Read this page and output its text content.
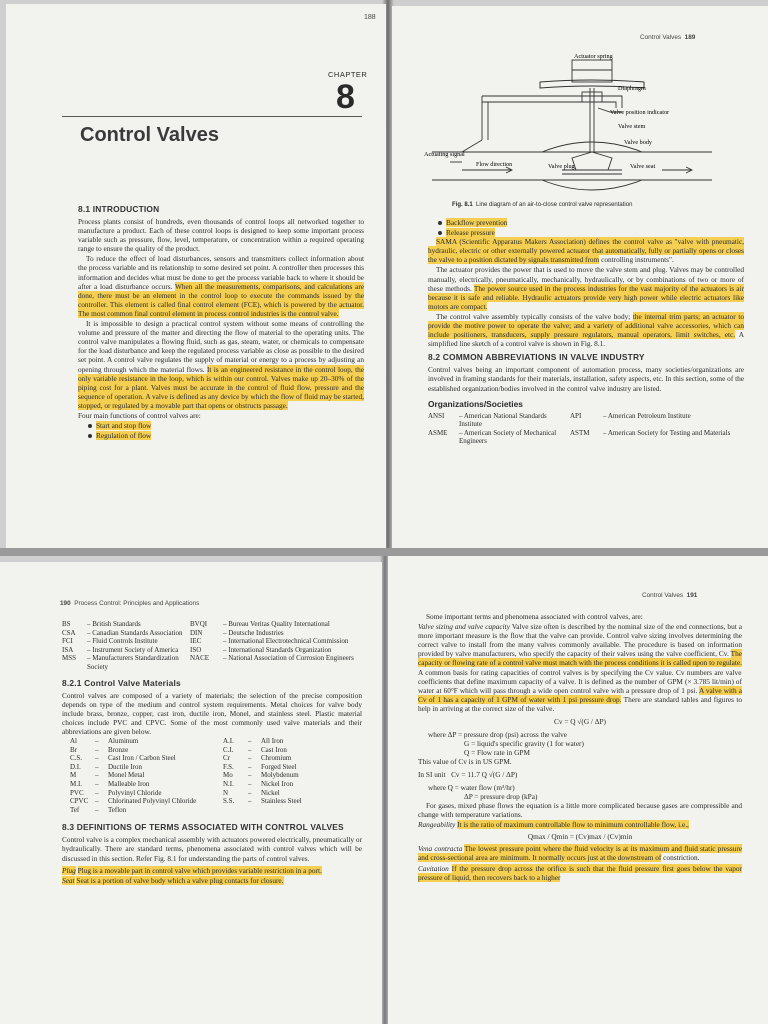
188
CHAPTER
8
Control Valves
8.1 INTRODUCTION

Process plants consist of hundreds, even thousands of control loops all networked together to manufacture a product. Each of these control loops is designed to keep some important process variable such as pressure, flow, level, temperature, or concentration within a required operating range to ensure the quality of the product.

To reduce the effect of load disturbances, sensors and transmitters collect information about the process variable and its relationship to some desired set point. A controller then processes this information and decides what must be done to get the process variable back to where it should be after a load disturbance occurs. When all the measurements, comparisons, and calculations are done, there must be an element in the control loop to execute the commands issued by the controller. This element is called final control element (FCE), which is powered by the actuator. The most common final control element in process control industries is the control valve.

It is impossible to design a practical control system without some means of controlling the volume and pressure of the matter and directing the flow of material to the operating units. The control valve manipulates a flowing fluid, such as gas, steam, water, or chemicals to compensate for the load disturbance and keep the regulated process variable as close as possible to the desired set point. A control valve regulates the supply of material or energy to a process by adjusting an opening through which the material flows. It is an engineered resistance in the control loop, the only variable resistance in the loop, which is within our control. Valves make up 20–30% of the piping cost for a plant. Valves must be accurate in the control of fluid flow, pressure and the sequence of operation. A valve is defined as any device by which the flow of fluid may be started, stopped, or regulated by a movable part that opens or obstructs passage.

Four main functions of control valves are:

Start and stop flow
Regulation of flow
Control Valves 189
Actuator spring
Diaphragm
Valve position indicator
Valve stem
Valve body
Actuating signal
Flow direction	Valve plug	Valve seat
Fig. 8.1 Line diagram of an air-to-close control valve representation
Backflow prevention
Release pressure

SAMA (Scientific Apparatus Makers Association) defines the control valve as "valve with pneumatic, hydraulic, electric or other externally powered actuator that automatically, fully or partially opens or closes the valve to a position dictated by signals transmitted from controlling instruments".

The actuator provides the power that is used to move the valve stem and plug. Valves may be controlled manually, electrically, pneumatically, mechanically, hydraulically, or by combinations of two or more of these methods. The power source used in the process industries for the vast majority of the actuators is air because it is safe and reliable. Hydraulic actuators provide very high power while electric actuators like motors are compact.

The control valve assembly typically consists of the valve body; the internal trim parts; an actuator to provide the motive power to operate the valve; and a variety of additional valve accessories, which can include positioners, transducers, supply pressure regulators, manual operators, limit switches, etc. A simplified line sketch of a control valve is shown in Fig. 8.1.

8.2 COMMON ABBREVIATIONS IN VALVE INDUSTRY

Control valves being an important component of automation process, many societies/organizations are involved in framing standards for their materials, installation, safety aspects, etc. In this section, some of the established organization/bodies involved in the control valve industry are listed.

Organizations/Societies
ANSI	– American National Standards Institute	API	– American Petroleum Institute
ASME	– American Society of Mechanical Engineers	ASTM	– American Society for Testing and Materials
190 Process Control: Principles and Applications
BS	– British Standards	BVQI	– Bureau Veritas Quality International
CSA	– Canadian Standards Association	DIN	– Deutsche Industries
FCI	– Fluid Controls Institute	IEC	– International Electrotechnical Commission
ISA	– Instrument Society of America	ISO	– International Standards Organization
MSS	– Manufacturers Standardization Society	NACE	– National Association of Corrosion Engineers
8.2.1 Control Valve Materials

Control valves are composed of a variety of materials; the selection of the precise composition depends on type of the medium and control system requirements. Metal choices for valve body include brass, bronze, copper, cast iron, ductile iron, Monel, and stainless steel. Plastic material choices include PVC and CPVC. Some of the most commonly used valve materials and their abbreviations are given below.

Al	–	Aluminum	A.I.	–	All Iron
Br	–	Bronze	C.I.	–	Cast Iron
C.S.	–	Cast Iron / Carbon Steel	Cr	–	Chromium
D.I.	–	Ductile Iron	F.S.	–	Forged Steel
M	–	Monel Metal	Mo	–	Molybdenum
M.I.	–	Malleable Iron	N.I.	–	Nickel Iron
PVC	–	Polyvinyl Chloride	N	–	Nickel
CPVC	–	Chlorinated Polyvinyl Chloride	S.S.	–	Stainless Steel
Tef	–	Teflon			
8.3 DEFINITIONS OF TERMS ASSOCIATED WITH CONTROL VALVES

Control valve is a complex mechanical assembly with actuators powered electrically, pneumatically or hydraulically. There are standard terms, phenomena associated with control valves which will be discussed in this section. Refer Fig. 8.1 for understanding the parts of control valves.

Plug Plug is a movable part in control valve which provides variable restriction in a port.

Seat Seat is a portion of valve body which a valve plug contacts for closure.

Control Valves 191

Some important terms and phenomena associated with control valves, are:

Valve sizing and valve capacity Valve size often is described by the nominal size of the end connections, but a more important measure is the flow that the valve can provide. Control valve sizing involves determining the correct valve to install from the many valves commonly available. The procedure is based on information provided by valve manufacturers, who specify the capacity of their valves using the valve coefficient, Cv. The capacity or flowing rate of a control valve must match with the process conditions it is called upon to regulate. A common basis for rating capacities of control valves is by specifying the Cv value. Cv numbers are valve coefficients that define maximum capacity of a valve. It is defined as the number of GPM (× 3.785 lit/min) of water at 60°F which will pass through a wide open control valve with a pressure drop of 1 psi. A valve with a Cv of 1 has a capacity of 1 GPM of water with 1 psi pressure drop. There are standard tables and figures to help in arriving at the correct size of the valve.

Cv = Q √(G / ΔP)
where ΔP = pressure drop (psi) across the valve
G = liquid's specific gravity (1 for water)
Q = Flow rate in GPM
This value of Cv is in US GPM.
In SI unit Cv = 11.7 Q √(G / ΔP)
where Q = water flow (m³/hr)
ΔP = pressure drop (kPa)

For gases, mixed phase flows the equation is a little more complicated because gases are compressible and change with temperature variations.

Rangeability It is the ratio of maximum controllable flow to minimum controllable flow, i.e.,

Qmax / Qmin = (Cv)max / (Cv)min

Vena contracta The lowest pressure point where the fluid velocity is at its maximum and fluid static pressure and cross-sectional area are minimum. It normally occurs just at the downstream of constriction.

Cavitation If the pressure drop across the orifice is such that the fluid pressure first goes below the vapor pressure of liquid, then recovers back to a higher
